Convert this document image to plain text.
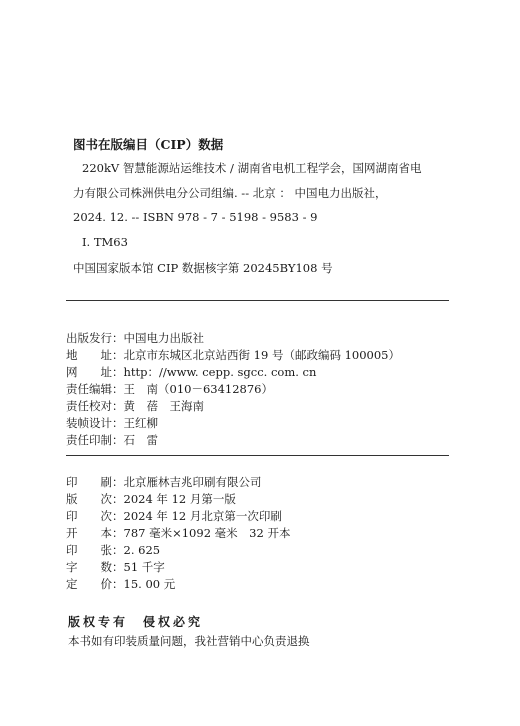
图书在版编目（CIP）数据
220kV 智慧能源站运维技术 / 湖南省电机工程学会，国网湖南省电
力有限公司株洲供电分公司组编. -- 北京 ： 中国电力出版社，
2024. 12. -- ISBN 978 - 7 - 5198 - 9583 - 9
Ⅰ. TM63
中国国家版本馆 CIP 数据核字第 20245BY108 号
出版发行：中国电力出版社
地　　址：北京市东城区北京站西街 19 号（邮政编码 100005）
网　　址：http：//www. cepp. sgcc. com. cn
责任编辑：王　南（010－63412876）
责任校对：黄　蓓　王海南
装帧设计：王红柳
责任印制：石　雷
印　　刷：北京雁林吉兆印刷有限公司
版　　次：2024 年 12 月第一版
印　　次：2024 年 12 月北京第一次印刷
开　　本：787 毫米×1092 毫米　32 开本
印　　张：2. 625
字　　数：51 千字
定　　价：15. 00 元
版权专有　侵权必究
本书如有印装质量问题，我社营销中心负责退换
